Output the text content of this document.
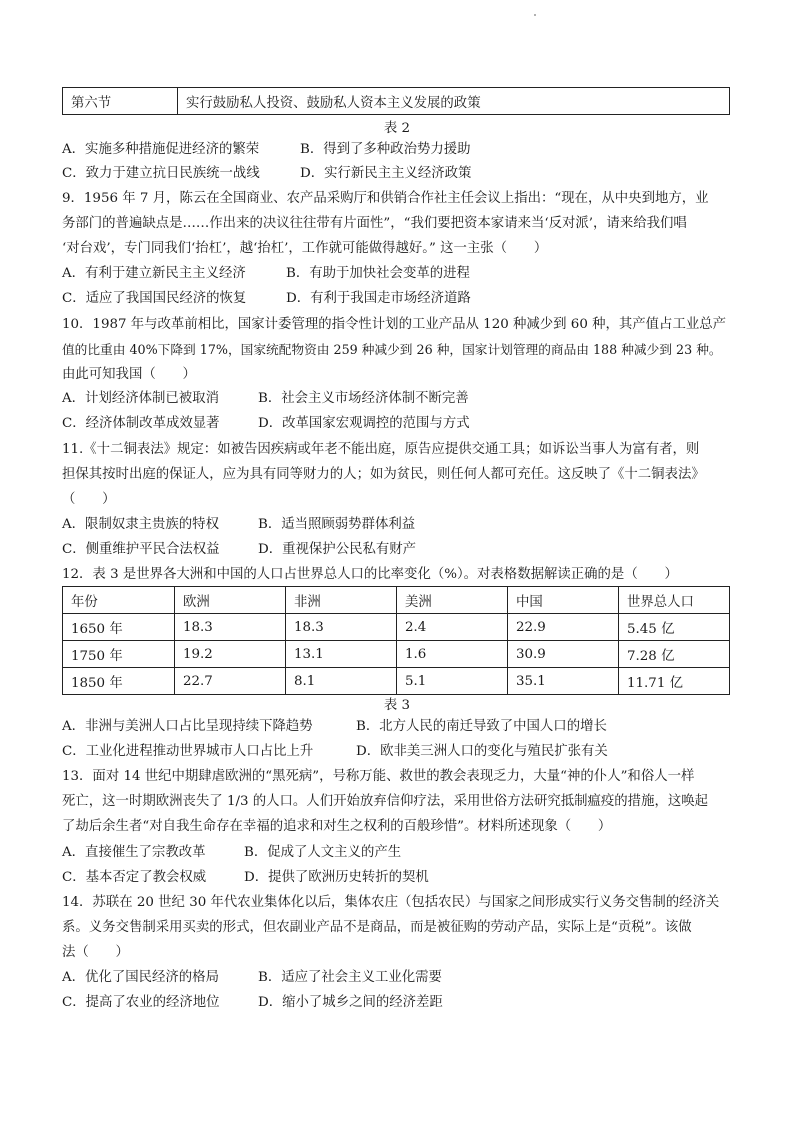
第六节	实行鼓励私人投资、鼓励私人资本主义发展的政策
表 2
A．实施多种措施促进经济的繁荣	B．得到了多种政治势力援助
C．致力于建立抗日民族统一战线	D．实行新民主主义经济政策
9．1956 年 7 月，陈云在全国商业、农产品采购厅和供销合作社主任会议上指出：“现在，从中央到地方，业
务部门的普遍缺点是……作出来的决议往往带有片面性”，“我们要把资本家请来当‘反对派’，请来给我们唱
‘对台戏’，专门同我们‘抬杠’，越‘抬杠’，工作就可能做得越好。” 这一主张（　　）
A．有利于建立新民主主义经济	B．有助于加快社会变革的进程
C．适应了我国国民经济的恢复	D．有利于我国走市场经济道路
10．1987 年与改革前相比，国家计委管理的指令性计划的工业产品从 120 种减少到 60 种，其产值占工业总产
值的比重由 40%下降到 17%，国家统配物资由 259 种减少到 26 种，国家计划管理的商品由 188 种减少到 23 种。
由此可知我国（　　）
A．计划经济体制已被取消	B．社会主义市场经济体制不断完善
C．经济体制改革成效显著	D．改革国家宏观调控的范围与方式
11.《十二铜表法》规定：如被告因疾病或年老不能出庭，原告应提供交通工具；如诉讼当事人为富有者，则
担保其按时出庭的保证人，应为具有同等财力的人；如为贫民，则任何人都可充任。这反映了《十二铜表法》
（　　）
A．限制奴隶主贵族的特权	B．适当照顾弱势群体利益
C．侧重维护平民合法权益	D．重视保护公民私有财产
12．表 3 是世界各大洲和中国的人口占世界总人口的比率变化（%）。对表格数据解读正确的是（　　）
年份	欧洲	非洲	美洲	中国	世界总人口
1650 年	18.3	18.3	2.4	22.9	5.45 亿
1750 年	19.2	13.1	1.6	30.9	7.28 亿
1850 年	22.7	8.1	5.1	35.1	11.71 亿
表 3
A．非洲与美洲人口占比呈现持续下降趋势	B．北方人民的南迁导致了中国人口的增长
C．工业化进程推动世界城市人口占比上升	D．欧非美三洲人口的变化与殖民扩张有关
13．面对 14 世纪中期肆虐欧洲的“黑死病”，号称万能、救世的教会表现乏力，大量“神的仆人”和俗人一样
死亡，这一时期欧洲丧失了 1/3 的人口。人们开始放弃信仰疗法，采用世俗方法研究抵制瘟疫的措施，这唤起
了劫后余生者“对自我生命存在幸福的追求和对生之权利的百般珍惜”。材料所述现象（　　）
A．直接催生了宗教改革	B．促成了人文主义的产生
C．基本否定了教会权威	D．提供了欧洲历史转折的契机
14．苏联在 20 世纪 30 年代农业集体化以后，集体农庄（包括农民）与国家之间形成实行义务交售制的经济关
系。义务交售制采用买卖的形式，但农副业产品不是商品，而是被征购的劳动产品，实际上是“贡税”。该做
法（　　）
A．优化了国民经济的格局	B．适应了社会主义工业化需要
C．提高了农业的经济地位	D．缩小了城乡之间的经济差距
